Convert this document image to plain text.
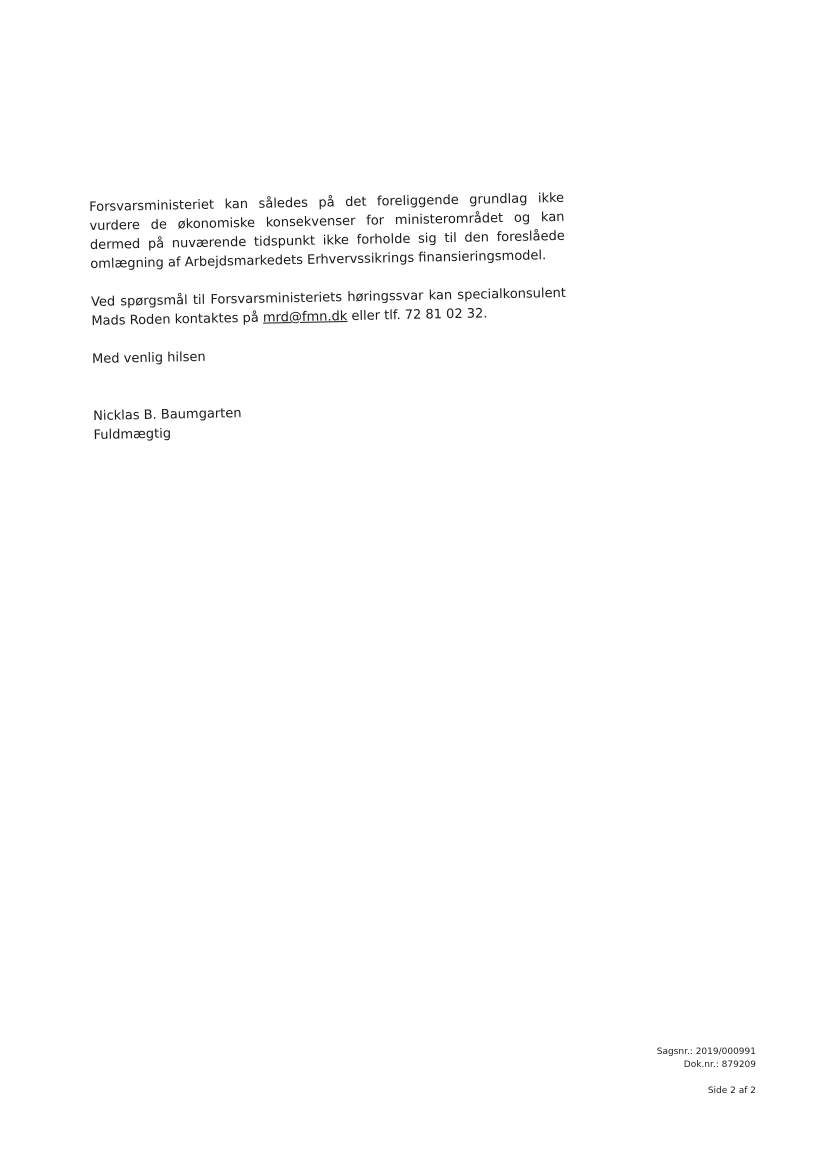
Forsvarsministeriet kan således på det foreliggende grundlag ikke vurdere de økonomiske konsekvenser for ministerområdet og kan dermed på nuværende tidspunkt ikke forholde sig til den foreslåede omlægning af Arbejdsmarkedets Erhvervssikrings finansieringsmodel.

Ved spørgsmål til Forsvarsministeriets høringssvar kan specialkonsulent Mads Roden kontaktes på mrd@fmn.dk eller tlf. 72 81 02 32.

Med venlig hilsen

Nicklas B. Baumgarten

Fuldmægtig

Sagsnr.: 2019/000991
Dok.nr.: 879209
Side 2 af 2
